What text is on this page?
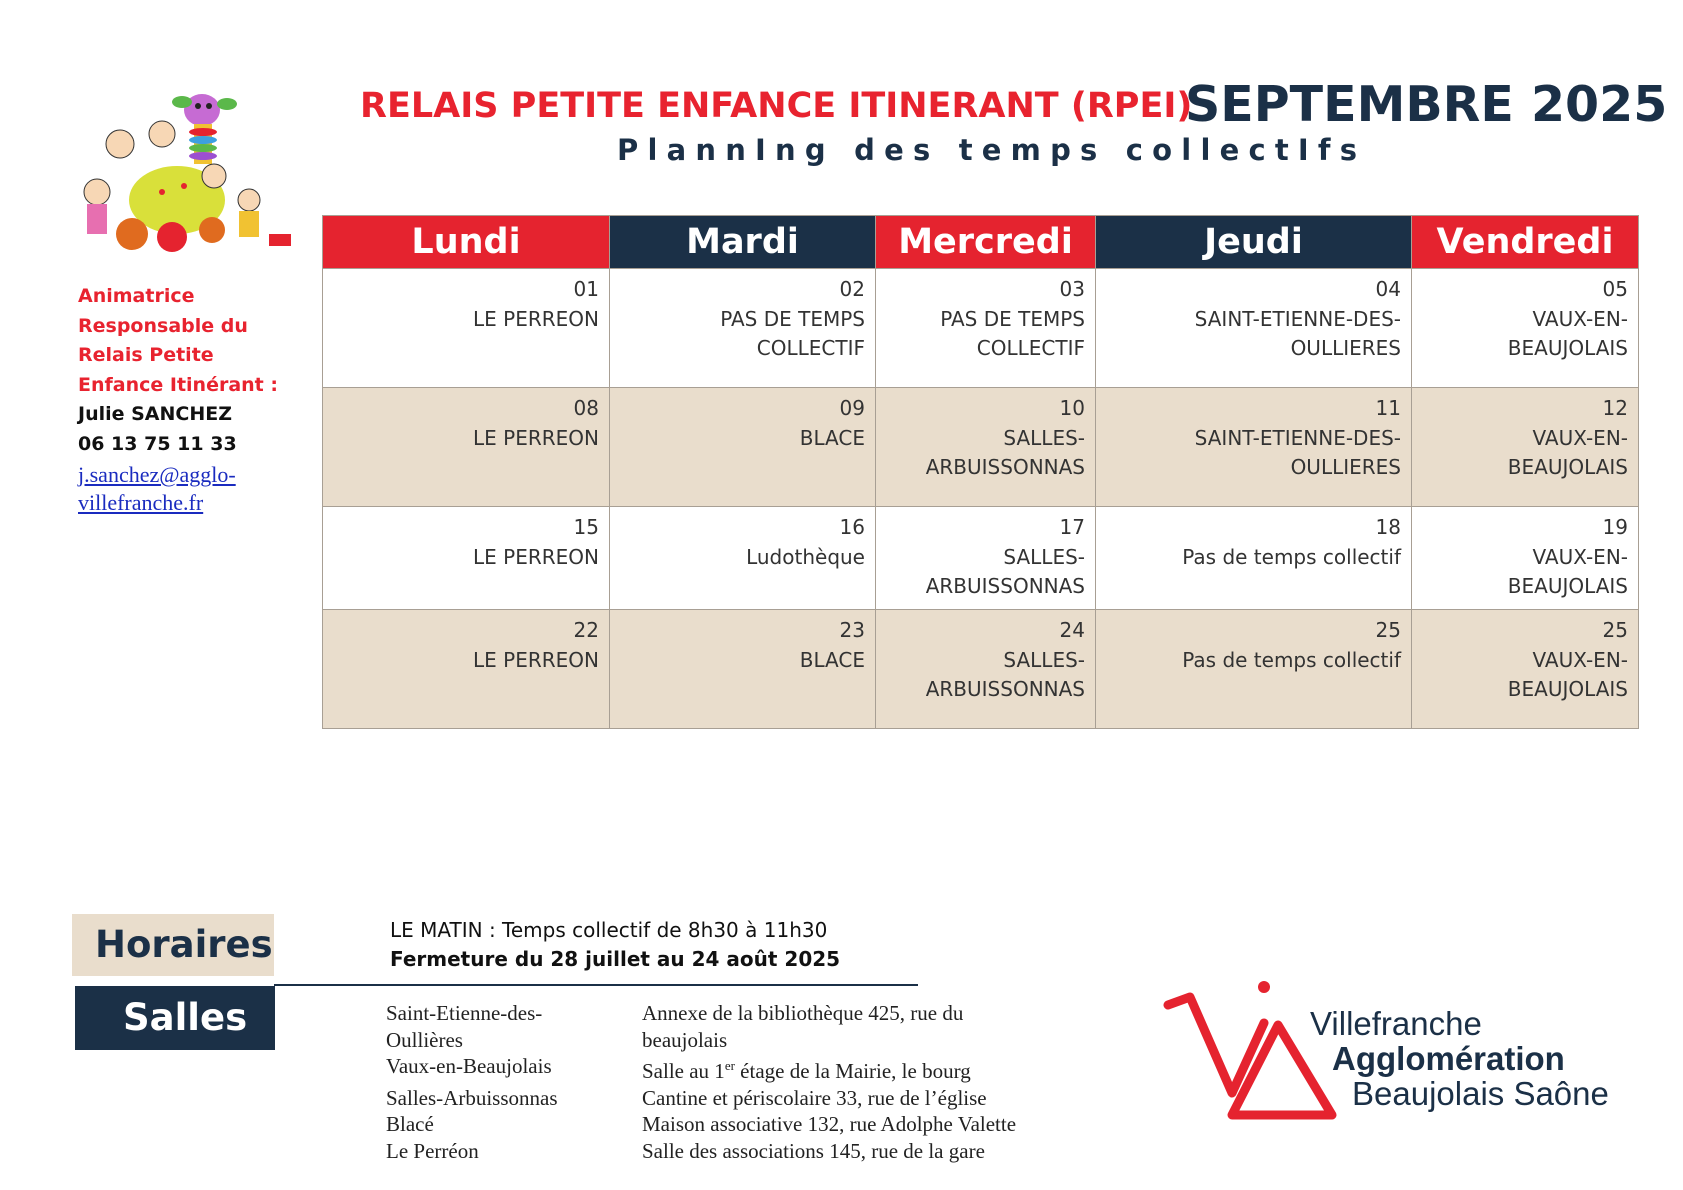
Animatrice
Responsable du
Relais Petite
Enfance Itinérant :
Julie SANCHEZ
06 13 75 11 33
j.sanchez@agglo-
villefranche.fr
RELAIS PETITE ENFANCE ITINERANT (RPEI)
SEPTEMBRE 2025
PlannIng des temps collectIfs
Lundi	Mardi	Mercredi	Jeudi	Vendredi

01
LE PERREON	02
PAS DE TEMPS
COLLECTIF	03
PAS DE TEMPS
COLLECTIF	04
SAINT-ETIENNE-DES-
OULLIERES	05
VAUX-EN-
BEAUJOLAIS

08
LE PERREON	09
BLACE	10
SALLES-
ARBUISSONNAS	11
SAINT-ETIENNE-DES-
OULLIERES	12
VAUX-EN-
BEAUJOLAIS

15
LE PERREON	16
Ludothèque	17
SALLES-
ARBUISSONNAS	18
Pas de temps collectif	19
VAUX-EN-
BEAUJOLAIS

22
LE PERREON	23
BLACE	24
SALLES-
ARBUISSONNAS	25
Pas de temps collectif	25
VAUX-EN-
BEAUJOLAIS
Horaires
Salles
LE MATIN : Temps collectif de 8h30 à 11h30
Fermeture du 28 juillet au 24 août 2025
Saint-Etienne-des-	Annexe de la bibliothèque 425, rue du
Oullières	beaujolais
Vaux-en-Beaujolais	Salle au 1er étage de la Mairie, le bourg
Salles-Arbuissonnas	Cantine et périscolaire 33, rue de l’église
Blacé	Maison associative 132, rue Adolphe Valette
Le Perréon	Salle des associations 145, rue de la gare
Villefranche
Agglomération
Beaujolais Saône
